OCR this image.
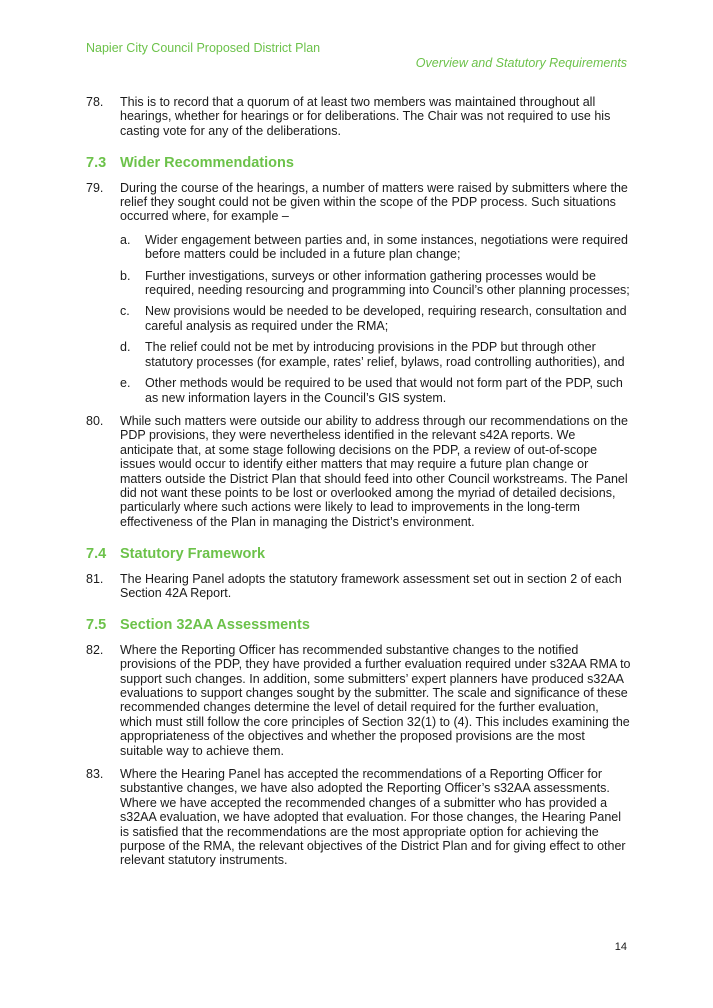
Napier City Council Proposed District Plan
Overview and Statutory Requirements
78.	This is to record that a quorum of at least two members was maintained throughout all hearings, whether for hearings or for deliberations. The Chair was not required to use his casting vote for any of the deliberations.
7.3 Wider Recommendations
79.	During the course of the hearings, a number of matters were raised by submitters where the relief they sought could not be given within the scope of the PDP process. Such situations occurred where, for example –
a.	Wider engagement between parties and, in some instances, negotiations were required before matters could be included in a future plan change;
b.	Further investigations, surveys or other information gathering processes would be required, needing resourcing and programming into Council’s other planning processes;
c.	New provisions would be needed to be developed, requiring research, consultation and careful analysis as required under the RMA;
d.	The relief could not be met by introducing provisions in the PDP but through other statutory processes (for example, rates’ relief, bylaws, road controlling authorities), and
e.	Other methods would be required to be used that would not form part of the PDP, such as new information layers in the Council’s GIS system.
80.	While such matters were outside our ability to address through our recommendations on the PDP provisions, they were nevertheless identified in the relevant s42A reports. We anticipate that, at some stage following decisions on the PDP, a review of out-of-scope issues would occur to identify either matters that may require a future plan change or matters outside the District Plan that should feed into other Council workstreams. The Panel did not want these points to be lost or overlooked among the myriad of detailed decisions, particularly where such actions were likely to lead to improvements in the long-term effectiveness of the Plan in managing the District’s environment.
7.4 Statutory Framework
81.	The Hearing Panel adopts the statutory framework assessment set out in section 2 of each Section 42A Report.
7.5 Section 32AA Assessments
82.	Where the Reporting Officer has recommended substantive changes to the notified provisions of the PDP, they have provided a further evaluation required under s32AA RMA to support such changes. In addition, some submitters’ expert planners have produced s32AA evaluations to support changes sought by the submitter. The scale and significance of these recommended changes determine the level of detail required for the further evaluation, which must still follow the core principles of Section 32(1) to (4). This includes examining the appropriateness of the objectives and whether the proposed provisions are the most suitable way to achieve them.
83.	Where the Hearing Panel has accepted the recommendations of a Reporting Officer for substantive changes, we have also adopted the Reporting Officer’s s32AA assessments. Where we have accepted the recommended changes of a submitter who has provided a s32AA evaluation, we have adopted that evaluation. For those changes, the Hearing Panel is satisfied that the recommendations are the most appropriate option for achieving the purpose of the RMA, the relevant objectives of the District Plan and for giving effect to other relevant statutory instruments.
14
